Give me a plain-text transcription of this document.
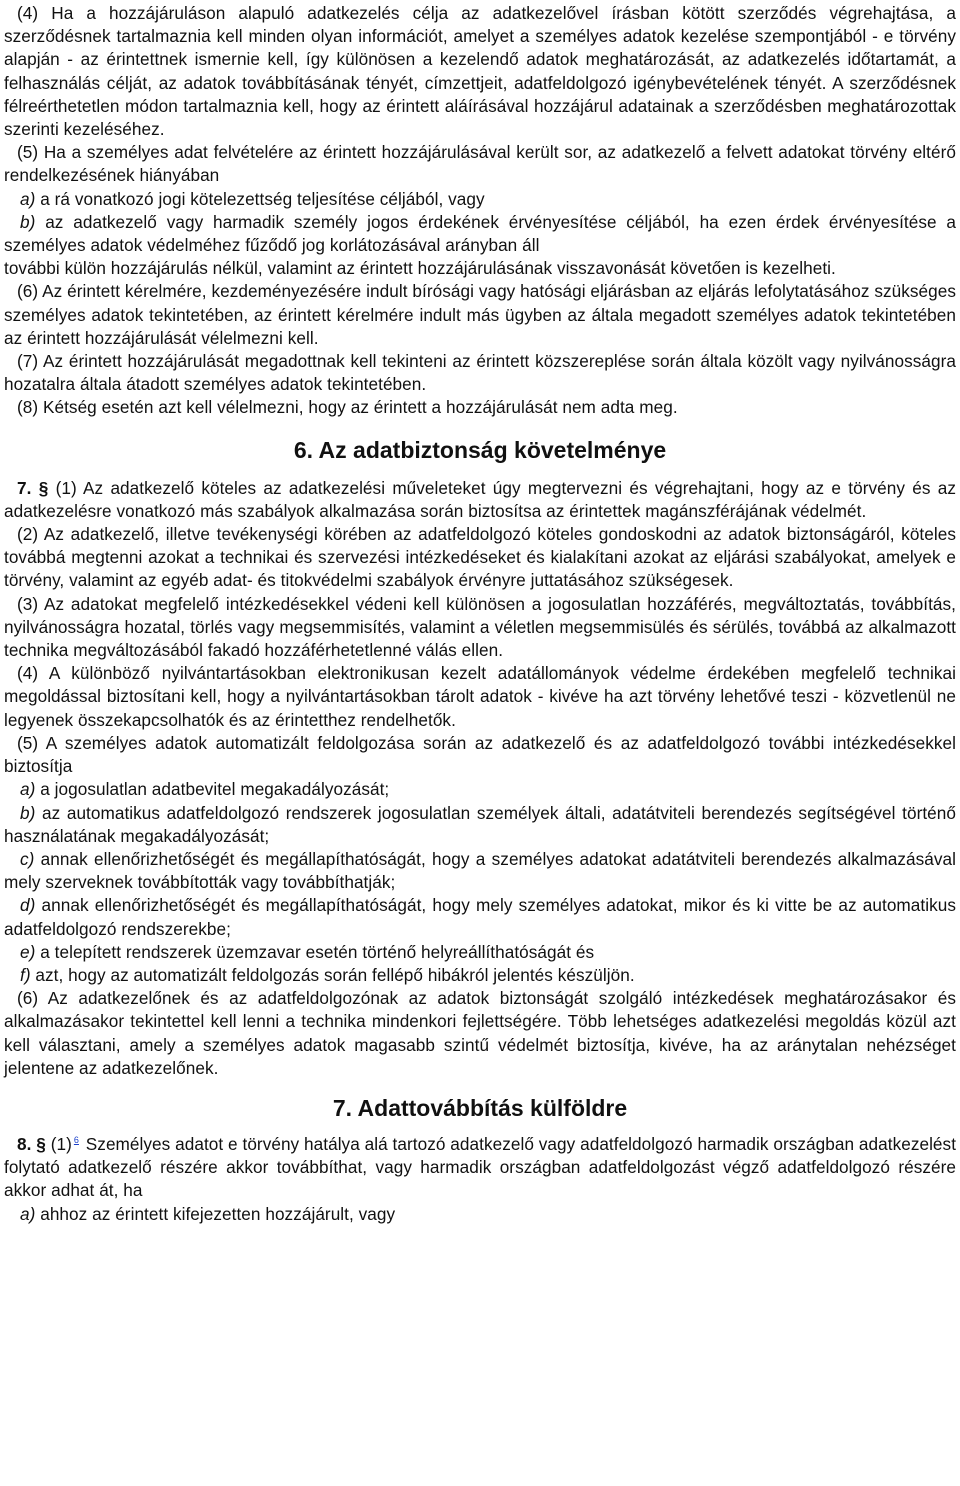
(4) Ha a hozzájáruláson alapuló adatkezelés célja az adatkezelővel írásban kötött szerződés végrehajtása, a szerződésnek tartalmaznia kell minden olyan információt, amelyet a személyes adatok kezelése szempontjából - e törvény alapján - az érintettnek ismernie kell, így különösen a kezelendő adatok meghatározását, az adatkezelés időtartamát, a felhasználás célját, az adatok továbbításának tényét, címzettjeit, adatfeldolgozó igénybevételének tényét. A szerződésnek félreérthetetlen módon tartalmaznia kell, hogy az érintett aláírásával hozzájárul adatainak a szerződésben meghatározottak szerinti kezeléséhez.

(5) Ha a személyes adat felvételére az érintett hozzájárulásával került sor, az adatkezelő a felvett adatokat törvény eltérő rendelkezésének hiányában

a) a rá vonatkozó jogi kötelezettség teljesítése céljából, vagy

b) az adatkezelő vagy harmadik személy jogos érdekének érvényesítése céljából, ha ezen érdek érvényesítése a személyes adatok védelméhez fűződő jog korlátozásával arányban áll

további külön hozzájárulás nélkül, valamint az érintett hozzájárulásának visszavonását követően is kezelheti.

(6) Az érintett kérelmére, kezdeményezésére indult bírósági vagy hatósági eljárásban az eljárás lefolytatásához szükséges személyes adatok tekintetében, az érintett kérelmére indult más ügyben az általa megadott személyes adatok tekintetében az érintett hozzájárulását vélelmezni kell.

(7) Az érintett hozzájárulását megadottnak kell tekinteni az érintett közszereplése során általa közölt vagy nyilvánosságra hozatalra általa átadott személyes adatok tekintetében.

(8) Kétség esetén azt kell vélelmezni, hogy az érintett a hozzájárulását nem adta meg.

6. Az adatbiztonság követelménye

7. § (1) Az adatkezelő köteles az adatkezelési műveleteket úgy megtervezni és végrehajtani, hogy az e törvény és az adatkezelésre vonatkozó más szabályok alkalmazása során biztosítsa az érintettek magánszférájának védelmét.

(2) Az adatkezelő, illetve tevékenységi körében az adatfeldolgozó köteles gondoskodni az adatok biztonságáról, köteles továbbá megtenni azokat a technikai és szervezési intézkedéseket és kialakítani azokat az eljárási szabályokat, amelyek e törvény, valamint az egyéb adat- és titokvédelmi szabályok érvényre juttatásához szükségesek.

(3) Az adatokat megfelelő intézkedésekkel védeni kell különösen a jogosulatlan hozzáférés, megváltoztatás, továbbítás, nyilvánosságra hozatal, törlés vagy megsemmisítés, valamint a véletlen megsemmisülés és sérülés, továbbá az alkalmazott technika megváltozásából fakadó hozzáférhetetlenné válás ellen.

(4) A különböző nyilvántartásokban elektronikusan kezelt adatállományok védelme érdekében megfelelő technikai megoldással biztosítani kell, hogy a nyilvántartásokban tárolt adatok - kivéve ha azt törvény lehetővé teszi - közvetlenül ne legyenek összekapcsolhatók és az érintetthez rendelhetők.

(5) A személyes adatok automatizált feldolgozása során az adatkezelő és az adatfeldolgozó további intézkedésekkel biztosítja

a) a jogosulatlan adatbevitel megakadályozását;

b) az automatikus adatfeldolgozó rendszerek jogosulatlan személyek általi, adatátviteli berendezés segítségével történő használatának megakadályozását;

c) annak ellenőrizhetőségét és megállapíthatóságát, hogy a személyes adatokat adatátviteli berendezés alkalmazásával mely szerveknek továbbították vagy továbbíthatják;

d) annak ellenőrizhetőségét és megállapíthatóságát, hogy mely személyes adatokat, mikor és ki vitte be az automatikus adatfeldolgozó rendszerekbe;

e) a telepített rendszerek üzemzavar esetén történő helyreállíthatóságát és

f) azt, hogy az automatizált feldolgozás során fellépő hibákról jelentés készüljön.

(6) Az adatkezelőnek és az adatfeldolgozónak az adatok biztonságát szolgáló intézkedések meghatározásakor és alkalmazásakor tekintettel kell lenni a technika mindenkori fejlettségére. Több lehetséges adatkezelési megoldás közül azt kell választani, amely a személyes adatok magasabb szintű védelmét biztosítja, kivéve, ha az aránytalan nehézséget jelentene az adatkezelőnek.

7. Adattovábbítás külföldre

8. § (1) $^6$ Személyes adatot e törvény hatálya alá tartozó adatkezelő vagy adatfeldolgozó harmadik országban adatkezelést folytató adatkezelő részére akkor továbbíthat, vagy harmadik országban adatfeldolgozást végző adatfeldolgozó részére akkor adhat át, ha

a) ahhoz az érintett kifejezetten hozzájárult, vagy
